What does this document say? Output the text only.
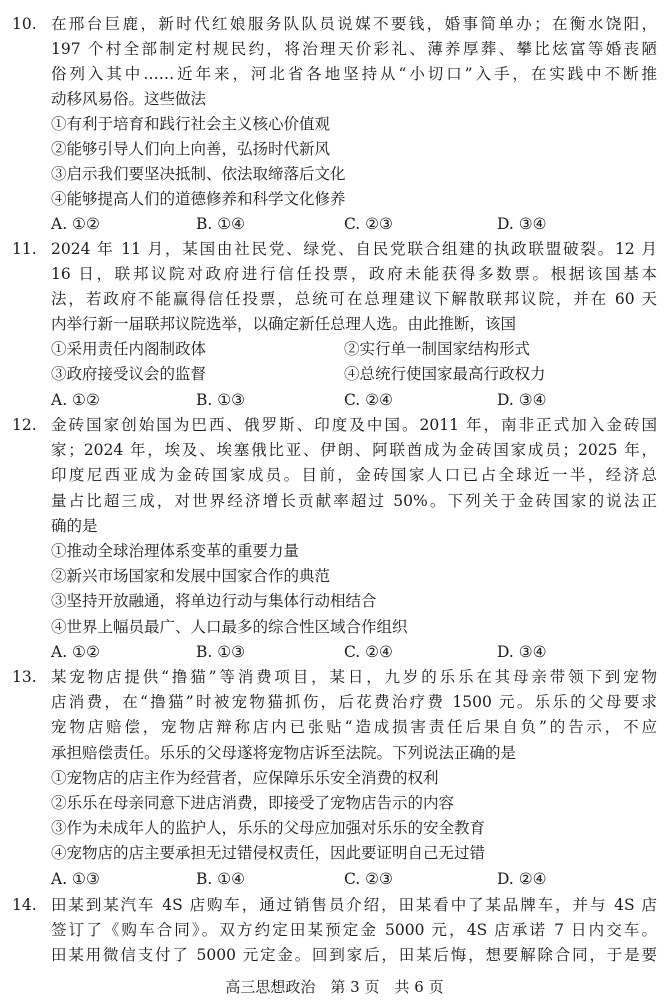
10. 在邢台巨鹿，新时代红娘服务队队员说媒不要钱，婚事简单办；在衡水饶阳，
197 个村全部制定村规民约，将治理天价彩礼、薄养厚葬、攀比炫富等婚丧陋
俗列入其中……近年来，河北省各地坚持从“小切口”入手，在实践中不断推
动移风易俗。这些做法
①有利于培育和践行社会主义核心价值观
②能够引导人们向上向善，弘扬时代新风
③启示我们要坚决抵制、依法取缔落后文化
④能够提高人们的道德修养和科学文化修养
A. ①②	B. ①④	C. ②③	D. ③④
11. 2024 年 11 月，某国由社民党、绿党、自民党联合组建的执政联盟破裂。12 月
16 日，联邦议院对政府进行信任投票，政府未能获得多数票。根据该国基本
法，若政府不能赢得信任投票，总统可在总理建议下解散联邦议院，并在 60 天
内举行新一届联邦议院选举，以确定新任总理人选。由此推断，该国
①采用责任内阁制政体	②实行单一制国家结构形式
③政府接受议会的监督	④总统行使国家最高行政权力
A. ①②	B. ①③	C. ②④	D. ③④
12. 金砖国家创始国为巴西、俄罗斯、印度及中国。2011 年，南非正式加入金砖国
家；2024 年，埃及、埃塞俄比亚、伊朗、阿联酋成为金砖国家成员；2025 年，
印度尼西亚成为金砖国家成员。目前，金砖国家人口已占全球近一半，经济总
量占比超三成，对世界经济增长贡献率超过 50%。下列关于金砖国家的说法正
确的是
①推动全球治理体系变革的重要力量
②新兴市场国家和发展中国家合作的典范
③坚持开放融通，将单边行动与集体行动相结合
④世界上幅员最广、人口最多的综合性区域合作组织
A. ①②	B. ①③	C. ②④	D. ③④
13. 某宠物店提供“撸猫”等消费项目，某日，九岁的乐乐在其母亲带领下到宠物
店消费，在“撸猫”时被宠物猫抓伤，后花费治疗费 1500 元。乐乐的父母要求
宠物店赔偿，宠物店辩称店内已张贴“造成损害责任后果自负”的告示，不应
承担赔偿责任。乐乐的父母遂将宠物店诉至法院。下列说法正确的是
①宠物店的店主作为经营者，应保障乐乐安全消费的权利
②乐乐在母亲同意下进店消费，即接受了宠物店告示的内容
③作为未成年人的监护人，乐乐的父母应加强对乐乐的安全教育
④宠物店的店主要承担无过错侵权责任，因此要证明自己无过错
A. ①③	B. ①④	C. ②③	D. ②④
14. 田某到某汽车 4S 店购车，通过销售员介绍，田某看中了某品牌车，并与 4S 店
签订了《购车合同》。双方约定田某预定金 5000 元，4S 店承诺 7 日内交车。
田某用微信支付了 5000 元定金。回到家后，田某后悔，想要解除合同，于是要
高三思想政治　第 3 页　共 6 页
